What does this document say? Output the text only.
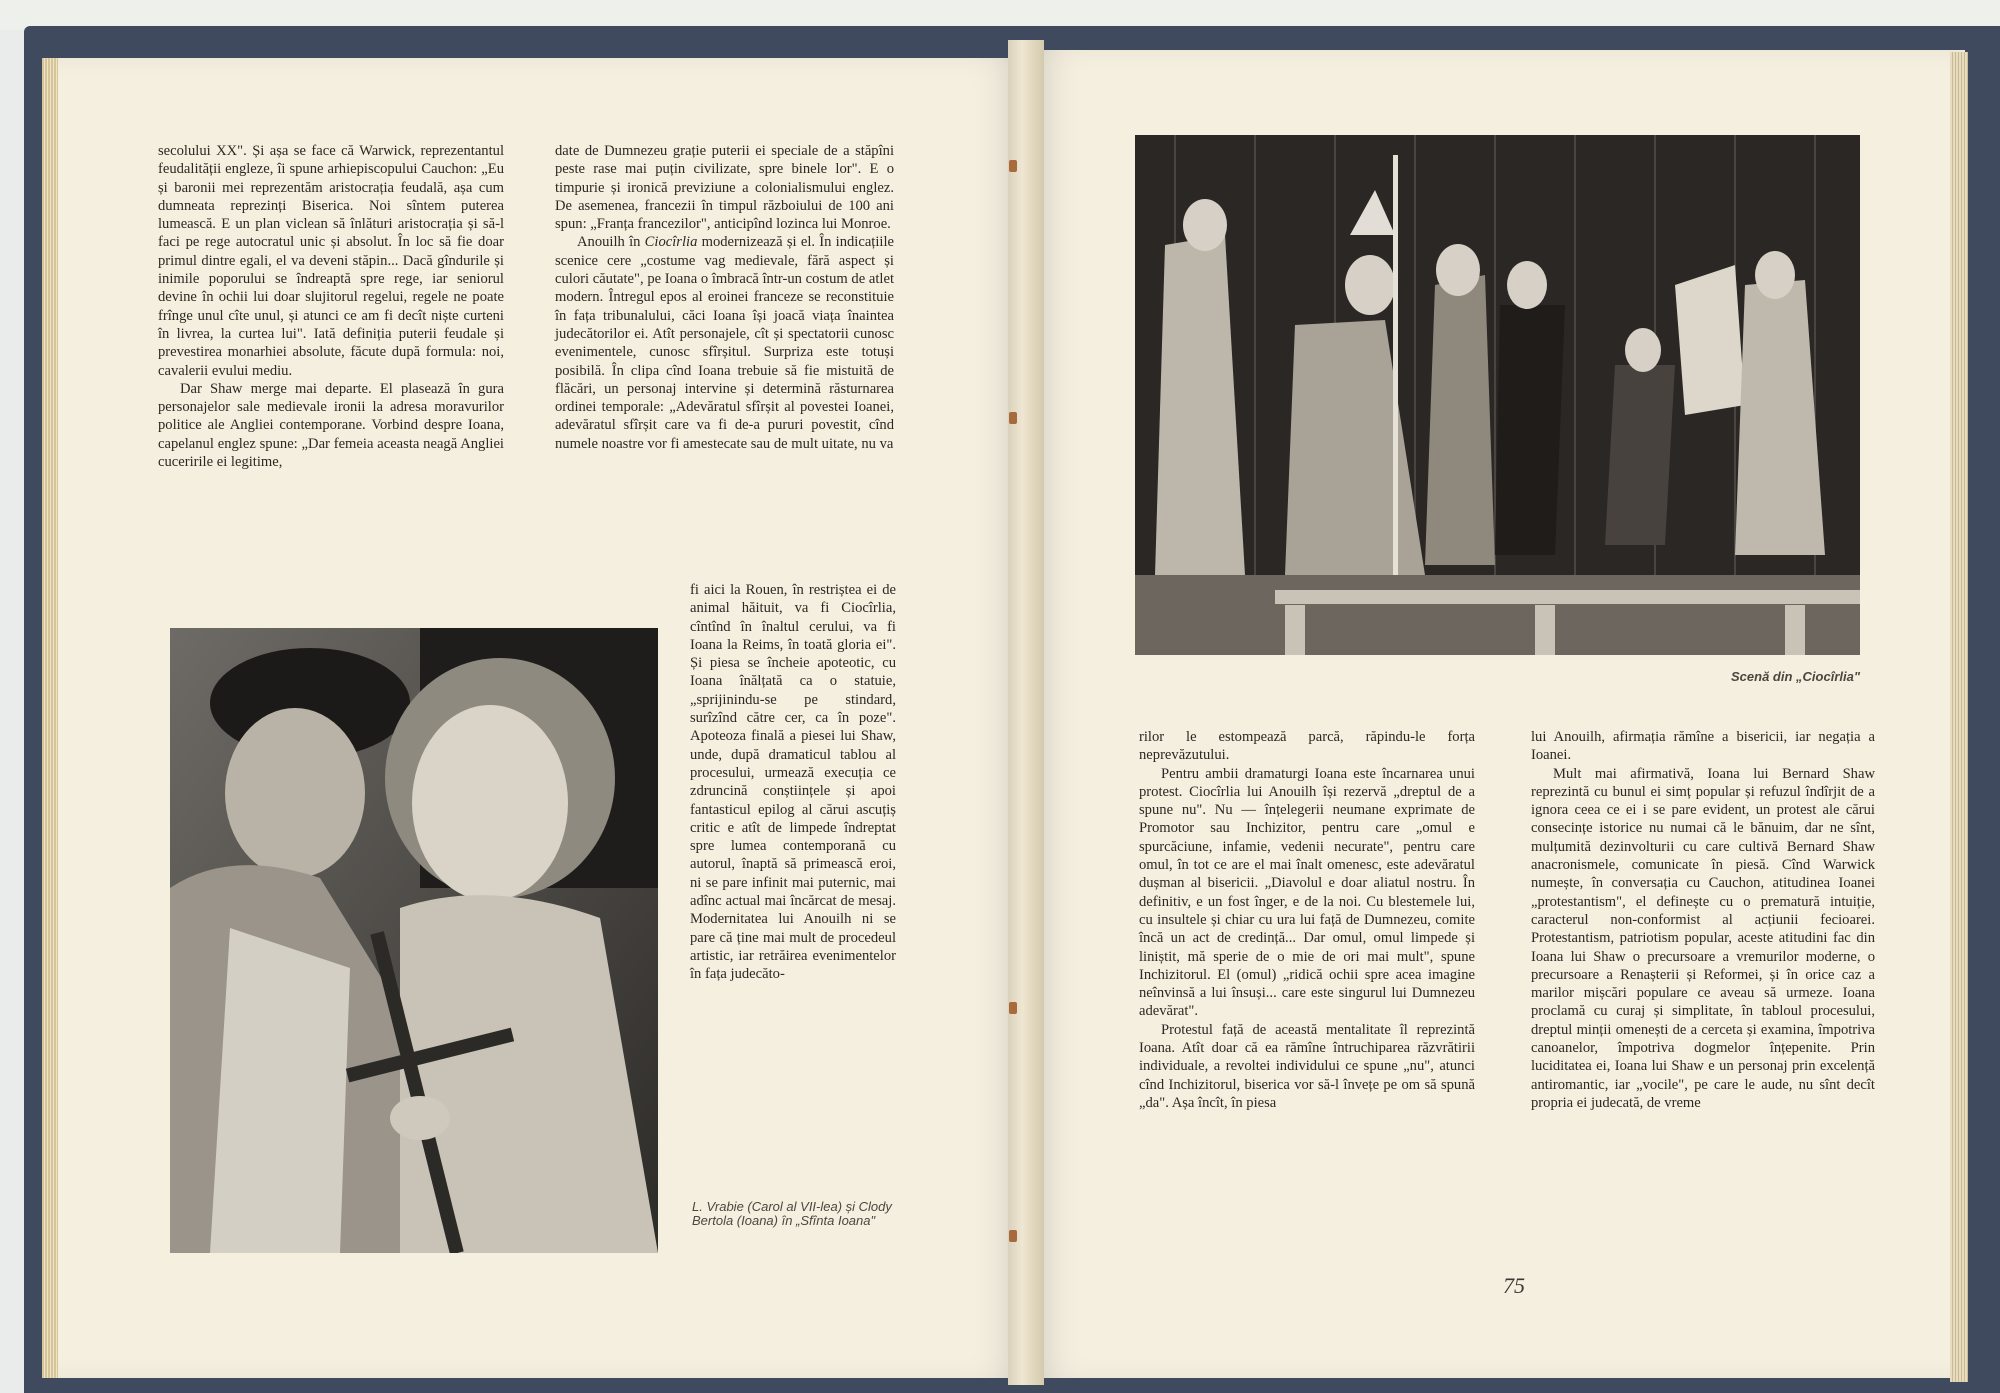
secolului XX". Și așa se face că Warwick, reprezentantul feudalității engleze, îi spune arhiepiscopului Cauchon: „Eu și baronii mei reprezentăm aristocrația feudală, așa cum dumneata reprezinți Biserica. Noi sîntem puterea lumească. E un plan viclean să înlături aristocrația și să-l faci pe rege autocratul unic și absolut. În loc să fie doar primul dintre egali, el va deveni stăpin... Dacă gîndurile și inimile poporului se îndreaptă spre rege, iar seniorul devine în ochii lui doar slujitorul regelui, regele ne poate frînge unul cîte unul, și atunci ce am fi decît niște curteni în livrea, la curtea lui". Iată definiția puterii feudale și prevestirea monarhiei absolute, făcute după formula: noi, cavalerii evului mediu.

Dar Shaw merge mai departe. El plasează în gura personajelor sale medievale ironii la adresa moravurilor politice ale Angliei contemporane. Vorbind despre Ioana, capelanul englez spune: „Dar femeia aceasta neagă Angliei cuceririle ei legitime,

date de Dumnezeu grație puterii ei speciale de a stăpîni peste rase mai puțin civilizate, spre binele lor". E o timpurie și ironică previziune a colonialismului englez. De asemenea, francezii în timpul războiului de 100 ani spun: „Franța francezilor", anticipînd lozinca lui Monroe.

Anouilh în Ciocîrlia modernizează și el. În indicațiile scenice cere „costume vag medievale, fără aspect și culori căutate", pe Ioana o îmbracă într-un costum de atlet modern. Întregul epos al eroinei franceze se reconstituie în fața tribunalului, căci Ioana își joacă viața înaintea judecătorilor ei. Atît personajele, cît și spectatorii cunosc evenimentele, cunosc sfîrșitul. Surpriza este totuși posibilă. În clipa cînd Ioana trebuie să fie mistuită de flăcări, un personaj intervine și determină răsturnarea ordinei temporale: „Adevăratul sfîrșit al povestei Ioanei, adevăratul sfîrșit care va fi de-a pururi povestit, cînd numele noastre vor fi amestecate sau de mult uitate, nu va

fi aici la Rouen, în restriștea ei de animal hăituit, va fi Ciocîrlia, cîntînd în înaltul cerului, va fi Ioana la Reims, în toată gloria ei". Și piesa se încheie apoteotic, cu Ioana înălțată ca o statuie, „sprijinindu-se pe stindard, surîzînd către cer, ca în poze". Apoteoza finală a piesei lui Shaw, unde, după dramaticul tablou al procesului, urmează execuția ce zdruncină conștiințele și apoi fantasticul epilog al cărui ascuțiș critic e atît de limpede îndreptat spre lumea contemporană cu autorul, înaptă să primească eroi, ni se pare infinit mai puternic, mai adînc actual mai încărcat de mesaj. Modernitatea lui Anouilh ni se pare că ține mai mult de procedeul artistic, iar retrăirea evenimentelor în fața judecăto-

L. Vrabie (Carol al VII-lea) și Clody Bertola (Ioana) în „Sfînta Ioana"
Scenă din „Ciocîrlia"

rilor le estompează parcă, răpindu-le forța neprevăzutului.

Pentru ambii dramaturgi Ioana este încarnarea unui protest. Ciocîrlia lui Anouilh își rezervă „dreptul de a spune nu". Nu — înțelegerii neumane exprimate de Promotor sau Inchizitor, pentru care „omul e spurcăciune, infamie, vedenii necurate", pentru care omul, în tot ce are el mai înalt omenesc, este adevăratul dușman al bisericii. „Diavolul e doar aliatul nostru. În definitiv, e un fost înger, e de la noi. Cu blestemele lui, cu insultele și chiar cu ura lui față de Dumnezeu, comite încă un act de credință... Dar omul, omul limpede și liniștit, mă sperie de o mie de ori mai mult", spune Inchizitorul. El (omul) „ridică ochii spre acea imagine neînvinsă a lui însuși... care este singurul lui Dumnezeu adevărat".

Protestul față de această mentalitate îl reprezintă Ioana. Atît doar că ea rămîne întruchiparea răzvrătirii individuale, a revoltei individului ce spune „nu", atunci cînd Inchizitorul, biserica vor să-l învețe pe om să spună „da". Așa încît, în piesa

lui Anouilh, afirmația rămîne a bisericii, iar negația a Ioanei.

Mult mai afirmativă, Ioana lui Bernard Shaw reprezintă cu bunul ei simț popular și refuzul îndîrjit de a ignora ceea ce ei i se pare evident, un protest ale cărui consecințe istorice nu numai că le bănuim, dar ne sînt, mulțumită dezinvolturii cu care cultivă Bernard Shaw anacronismele, comunicate în piesă. Cînd Warwick numește, în conversația cu Cauchon, atitudinea Ioanei „protestantism", el definește cu o prematură intuiție, caracterul non-conformist al acțiunii fecioarei. Protestantism, patriotism popular, aceste atitudini fac din Ioana lui Shaw o precursoare a vremurilor moderne, o precursoare a Renașterii și Reformei, și în orice caz a marilor mișcări populare ce aveau să urmeze. Ioana proclamă cu curaj și simplitate, în tabloul procesului, dreptul minții omenești de a cerceta și examina, împotriva canoanelor, împotriva dogmelor înțepenite. Prin luciditatea ei, Ioana lui Shaw e un personaj prin excelență antiromantic, iar „vocile", pe care le aude, nu sînt decît propria ei judecată, de vreme

75
